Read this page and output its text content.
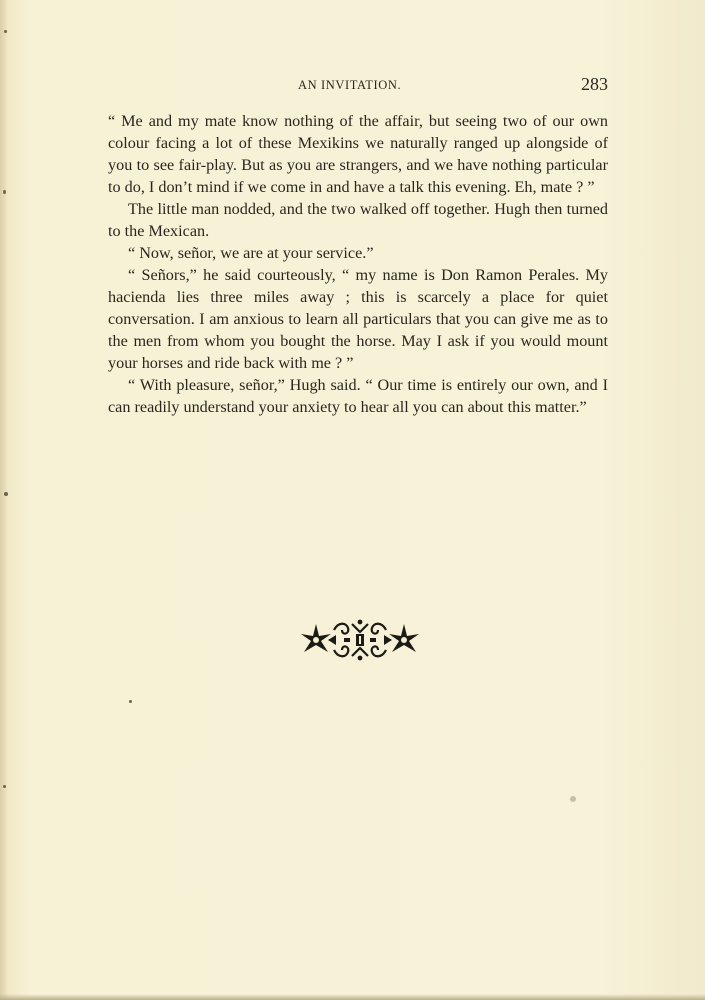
AN INVITATION.	283

“ Me and my mate know nothing of the affair, but seeing two of our own colour facing a lot of these Mexikins we naturally ranged up alongside of you to see fair-play. But as you are strangers, and we have nothing particular to do, I don’t mind if we come in and have a talk this evening. Eh, mate ? ”

The little man nodded, and the two walked off together. Hugh then turned to the Mexican.

“ Now, señor, we are at your service.”

“ Señors,” he said courteously, “ my name is Don Ramon Perales. My hacienda lies three miles away ; this is scarcely a place for quiet conversation. I am anxious to learn all particulars that you can give me as to the men from whom you bought the horse. May I ask if you would mount your horses and ride back with me ? ”

“ With pleasure, señor,” Hugh said. “ Our time is entirely our own, and I can readily understand your anxiety to hear all you can about this matter.”
